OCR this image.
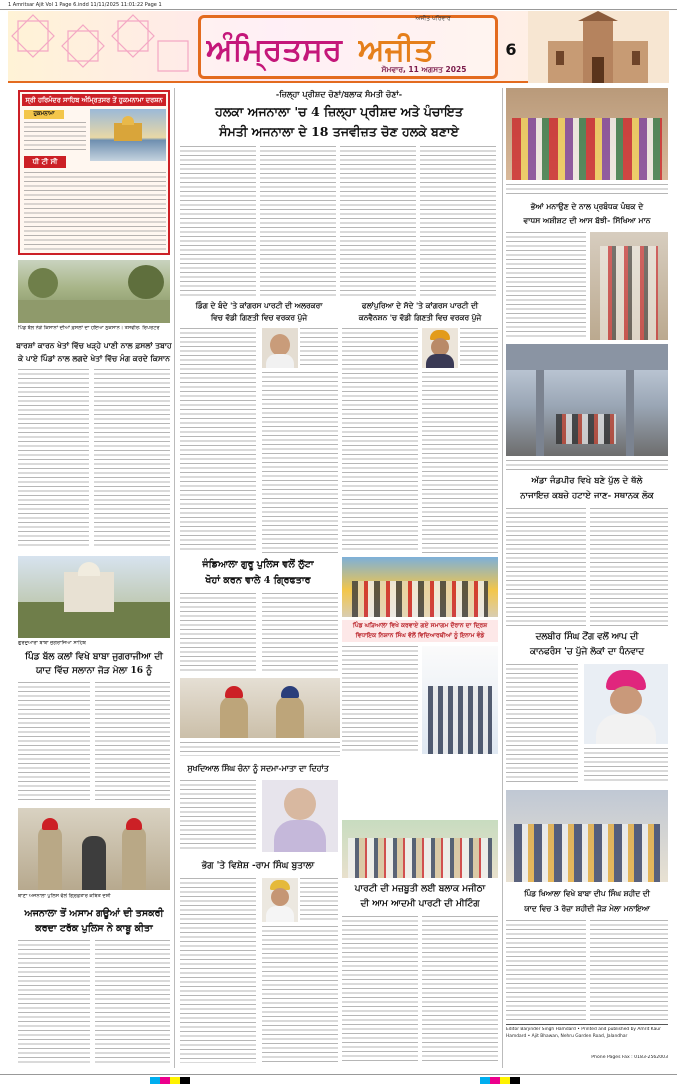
1 Amritsar Ajit Vol 1 Page 6.indd 11/11/2025 11:01:22 Page 1
ਅੰਮ੍ਰਿਤਸਰ ਅਜੀਤ
ਅਜੀਤ ਪਰਿਵਾਰ
ਸੋਮਵਾਰ, 11 ਅਗਸਤ 2025
6
ਸ੍ਰੀ ਹਰਿਮੰਦਰ ਸਾਹਿਬ ਅੰਮ੍ਰਿਤਸਰ ਤੋਂ ਹੁਕਮਨਾਮਾ ਦਰਸ਼ਨ
ਹੁਕਮਨਾਮਾ
ਧੀ ਟੀ ਸੀ
ਪਿੰਡ ਬੱਲ ਨੇੜੇ ਕਿਸਾਨਾਂ ਦੀਆਂ ਫ਼ਸਲਾਂ ਦਾ ਹੋਇਆ ਨੁਕਸਾਨ। ਤਸਵੀਰ: ਰਿਪੋਰਟਰ
ਬਾਰਸ਼ਾਂ ਕਾਰਨ ਖੇਤਾਂ ਵਿੱਚ ਖੜ੍ਹੇ ਪਾਣੀ ਨਾਲ ਫ਼ਸਲਾਂ ਤਬਾਹ
ਕੇ ਪਾਏ ਪਿੰਡਾਂ ਨਾਲ ਲਗਦੇ ਖੇਤਾਂ ਵਿੱਚ ਮੰਗ ਕਰਦੇ ਕਿਸਾਨ
ਗੁਰਦੁਆਰਾ ਬਾਬਾ ਜੁਗਰਾਜਿਆ ਸਾਹਿਬ
ਪਿੰਡ ਬੱਲ ਕਲਾਂ ਵਿਖੇ ਬਾਬਾ ਜੁਗਰਾਜੀਆ ਦੀ
ਯਾਦ ਵਿੱਚ ਸਲਾਨਾ ਜੋੜ ਮੇਲਾ 16 ਨੂੰ
ਥਾਣਾ ਅਜਨਾਲਾ ਪੁਲਿਸ ਵੱਲੋਂ ਗ੍ਰਿਫ਼ਤਾਰ ਕਥਿਤ ਦੋਸ਼ੀ
ਅਜਨਾਲਾ ਤੋਂ ਅਸਾਮ ਗਊਆਂ ਦੀ ਤਸਕਰੀ
ਕਰਦਾ ਟਰੱਕ ਪੁਲਿਸ ਨੇ ਕਾਬੂ ਕੀਤਾ
-ਜ਼ਿਲ੍ਹਾ ਪ੍ਰੀਸ਼ਦ ਚੋਣਾਂ/ਬਲਾਕ ਸੰਮਤੀ ਚੋਣਾਂ-
ਹਲਕਾ ਅਜਨਾਲਾ 'ਚ 4 ਜ਼ਿਲ੍ਹਾ ਪ੍ਰੀਸ਼ਦ ਅਤੇ ਪੰਚਾਇਤ
ਸੰਮਤੀ ਅਜਨਾਲਾ ਦੇ 18 ਤਜਵੀਜ਼ਤ ਚੋਣ ਹਲਕੇ ਬਣਾਏ
ਡਿੰਗ ਦੇ ਬੰਦੇ 'ਤੇ ਕਾਂਗਰਸ ਪਾਰਟੀ ਦੀ ਅਲਰਕਰਾ
ਵਿਚ ਵੱਡੀ ਗਿਣਤੀ ਵਿਚ ਵਰਕਰ ਪੁੱਜੇ
ਫਲਾਂਪੁਰਿਆ ਦੇ ਸੱਦੇ 'ਤੇ ਕਾਂਗਰਸ ਪਾਰਟੀ ਦੀ
ਕਨਵੈਨਸ਼ਨ 'ਚ ਵੱਡੀ ਗਿਣਤੀ ਵਿਚ ਵਰਕਰ ਪੁੱਜੇ
ਜੰਡਿਆਲਾ ਗੁਰੂ ਪੁਲਿਸ ਵਲੋਂ ਲੁੱਟਾ
ਖੋਹਾਂ ਕਰਨ ਵਾਲੇ 4 ਗ੍ਰਿਫਤਾਰ
ਪਿੰਡ ਘੜਿਆਲਾ ਵਿਖੇ ਕਰਵਾਏ ਗਏ ਸਮਾਗਮ ਦੌਰਾਨ ਦਾ ਦ੍ਰਿਸ਼
ਵਿਧਾਇਕ ਨਿਸ਼ਾਨ ਸਿੰਘ ਵੱਲੋਂ ਵਿਦਿਆਰਥੀਆਂ ਨੂੰ ਇਨਾਮ ਵੰਡੇ
ਸੁਖਦਿਆਲ ਸਿੰਘ ਚੰਨਾ ਨੂੰ ਸਦਮਾ-ਮਾਤਾ ਦਾ ਦਿਹਾਂਤ
ਭੋਗ 'ਤੇ ਵਿਸ਼ੇਸ਼ -ਰਾਮ ਸਿੰਘ ਬੁਤਾਲਾ
ਪਾਰਟੀ ਦੀ ਮਜ਼ਬੂਤੀ ਲਈ ਬਲਾਕ ਮਜੀਠਾ
ਦੀ ਆਮ ਆਦਮੀ ਪਾਰਟੀ ਦੀ ਮੀਟਿੰਗ
ਭੋਆਂ ਮਨਾਉਣ ਦੇ ਨਾਲ ਪ੍ਰਬੰਧਕ ਪੰਥਕ ਦੇ
ਵਾਧਸ ਅਸ਼ੀਸ਼ਟ ਦੀ ਆਸ ਬੱਝੀ- ਸਿੱਖਿਆ ਮਾਨ
ਅੱਡਾ ਜੰਡਪੀਰ ਵਿਖੇ ਬਣੇ ਪੁੱਲ ਦੇ ਥੱਲੇ
ਨਾਜਾਇਜ਼ ਕਬਜ਼ੇ ਹਟਾਏ ਜਾਣ- ਸਥਾਨਕ ਲੋਕ
ਦਲਬੀਰ ਸਿੰਘ ਟੌਂਗ ਵਲੋਂ ਆਪ ਦੀ
ਕਾਨਫਰੰਸ 'ਚ ਪੁੱਜੇ ਲੋਕਾਂ ਦਾ ਧੰਨਵਾਦ
ਪਿੰਡ ਖਿਆਲਾ ਵਿਖੇ ਬਾਬਾ ਦੀਪ ਸਿੰਘ ਸ਼ਹੀਦ ਦੀ
ਯਾਦ ਵਿਚ 3 ਰੋਜ਼ਾ ਸ਼ਹੀਦੀ ਜੋੜ ਮੇਲਾ ਮਨਾਇਆ
Editor Barjinder Singh Hamdard • Printed and published by Amrit Kaur Hamdard • Ajit Bhawan, Nehru Garden Road, Jalandhar
Phone Pages Fax : 0183-2562003
